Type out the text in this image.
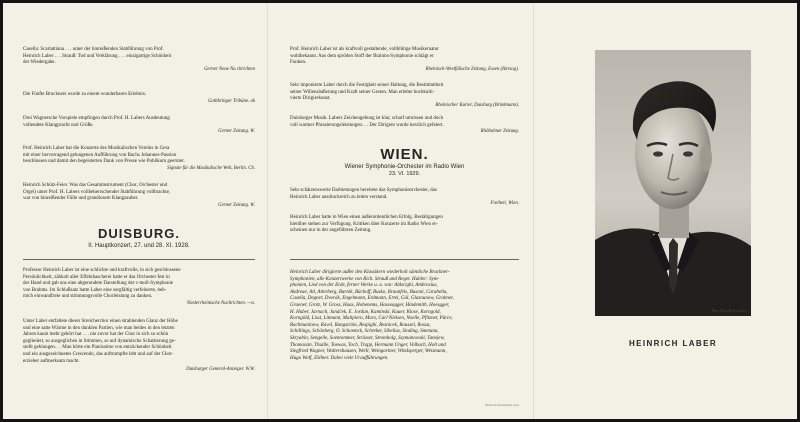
Casella: Scarlattiana . . . unter der hinreißenden Stabführung von Prof.

Heinrich Laber . . . Strauß: Tod und Verklärung . . . einzigartige Schönheit

der Wiedergabe.

Gerner Neue Na chrichten

Die Fünfte Bruckners wurde zu einem wunderbaren Erlebnis.

Gothbringer Tribüne. ok

Drei Wagnersche Vorspiele empfingen durch Prof. H. Labers Ausdeutung

vollendete Klangpracht und Größe.

Gerner Zeitung. W.

Prof. Heinrich Laber hat die Konzerte des Musikalischen Vereins in Gera

mit einer hervorragend gelungenen Aufführung von Bachs Johannes-Passion

beschlossen und damit den begeisterten Dank von Presse wie Publikum geerntet.

Signale für die Musikalische Welt, Berlin. Ch.

Heinrich Schütz-Feier. Was das Gesamtinstrument (Chor, Orchester und

Orgel) unter Prof. H. Labers vollbeherrschender Stabführung vollbrachte,

war von hinreißender Fülle und grandiosem Klangzauber.

Gerner Zeitung. W.

DUISBURG.

II. Hauptkonzert, 27. und 28. XI. 1928.

Professor Heinrich Laber ist eine schlichte und kraftvolle, in sich geschlossene

Persönlichkeit, zähkolt aller Effekthascherei hatte er das Orchester fest in

der Hand und gab uns eine abgerundete Darstellung der c-moll-Symphonie

von Brahms. Im Schlußsatz hatte Laber eine sorgfältig verfeinerte, beh-

mich einwandfreie und stimmungsvolle Chorleistung zu danken.

Niederrheinische Nachrichten. —a.

Unter Laber entfaltete dieser Streicherchor einen strahlenden Glanz der Höhe

und eine satte Wärme in den dunklen Partien, wie man beides in den letzten

Jahren kaum mehr gehört hat . . . nie zuvor hat der Chor in sich so schön

gegliedert, so ausgeglichen in Stimmen, so auf dynamische Schattierung ge-

stellt geklungen. . . Man hörte ein Pianissimo von entzückender Schönheit

und ein ausgezeichnetes Crescendo, das auftrumpfte lebt und auf der Chor-

erzieher aufmerksam macht.

Duisburger General-Anzeiger. W.W.

Prof. Heinrich Laber ist als kraftvoll gestaltende, vollblütige Musikernatur

wohlbekannt. Aus dem spröden Stoff der Brahms-Symphonie schlägt er

Funken.

Rheinisch-Westfälische Zeitung, Essen (Herzog).

Sehr imponierte Laber durch die Festigkeit seiner Haltung, die Bestimmtheit

seiner Willensäußerung und Kraft seiner Gesten. Man erlebte hochkulti-

vierte Dirigierkunst.

Rheinischer Kurier, Duisburg (Brinkmann).

Duisburger Musik. Labers Zeichengebung ist klar, scharf umrissen und doch

voll warmer Phrasierungsleistungen. . . Der Dirigent wurde herzlich gefeiert.

Rhöbolmer Zeitung.

WIEN.

Wiener Symphonie-Orchester im Radio Wien

23. VI. 1929.

Sehr schätzenswerte Darbietungen bereitete das Symphonieorchester, das

Heinrich Laber ausdruckreich zu leiten verstand.

Freiheit, Wien.

Heinrich Laber hatte in Wien einen außerordentlichen Erfolg. Bestätigungen

hierüber stehen zur Verfügung. Kritiken über Konzerte im Radio Wien er-

scheinen nur in der angeführten Zeitung.

Heinrich Laber dirigierte außer den Klassikern wiederholt sämtliche Bruckner-

Symphonien, alle Konzertwerke von Rich. Strauß und Reger. Hubler: Sym-

phonien, Lied von der Erde, ferner Werke u. a. von: Aldsrighi, Ambrosius,

Andreae, Atl, Atterberg, Bartók, Büchoff, Busko, Braunfels, Busoni, Carabella,

Casella, Degner, Dvorák, Engelmann, Erdmann, Ertel, Gál, Glazounow, Grabner,

Graener, Grotz, W. Gross, Haas, Hohenems, Hasseagger, Hindemith, Hoesgger,

H. Huber, Jarnach, Janáček, E. Jordan, Kaminski, Kauer, Klose, Korngold,

Korngöld, Lisst, Litmann, Malipiero, Marx, Carl Nielsen, Noelle, Pfitzner, Pürce,

Rachmaninow, Ravel, Rangström, Respighi, Reznicek, Roussel, Rosza,

Schillings, Schönberg, O. Schoemck, Schreker, Sibelius, Sinding, Smetana,

Skryabin, Sengelle, Soentommer, Strässer, Strombolg, Szymanowski, Tanejew,

Thomassin, Thuille, Toewas, Toch, Trapp, Hermann Unger, Volbach, Holt und

Siegfried Wagner, Waltershausen, Weill, Weingartner, Windsperger, Weismann,

Hugo Wolf, Zöllner. Dabei viele Uraufführungen.

Berlin & Spitzenheim, Gera

Phot. Perscheid, Leipzig

HEINRICH LABER
